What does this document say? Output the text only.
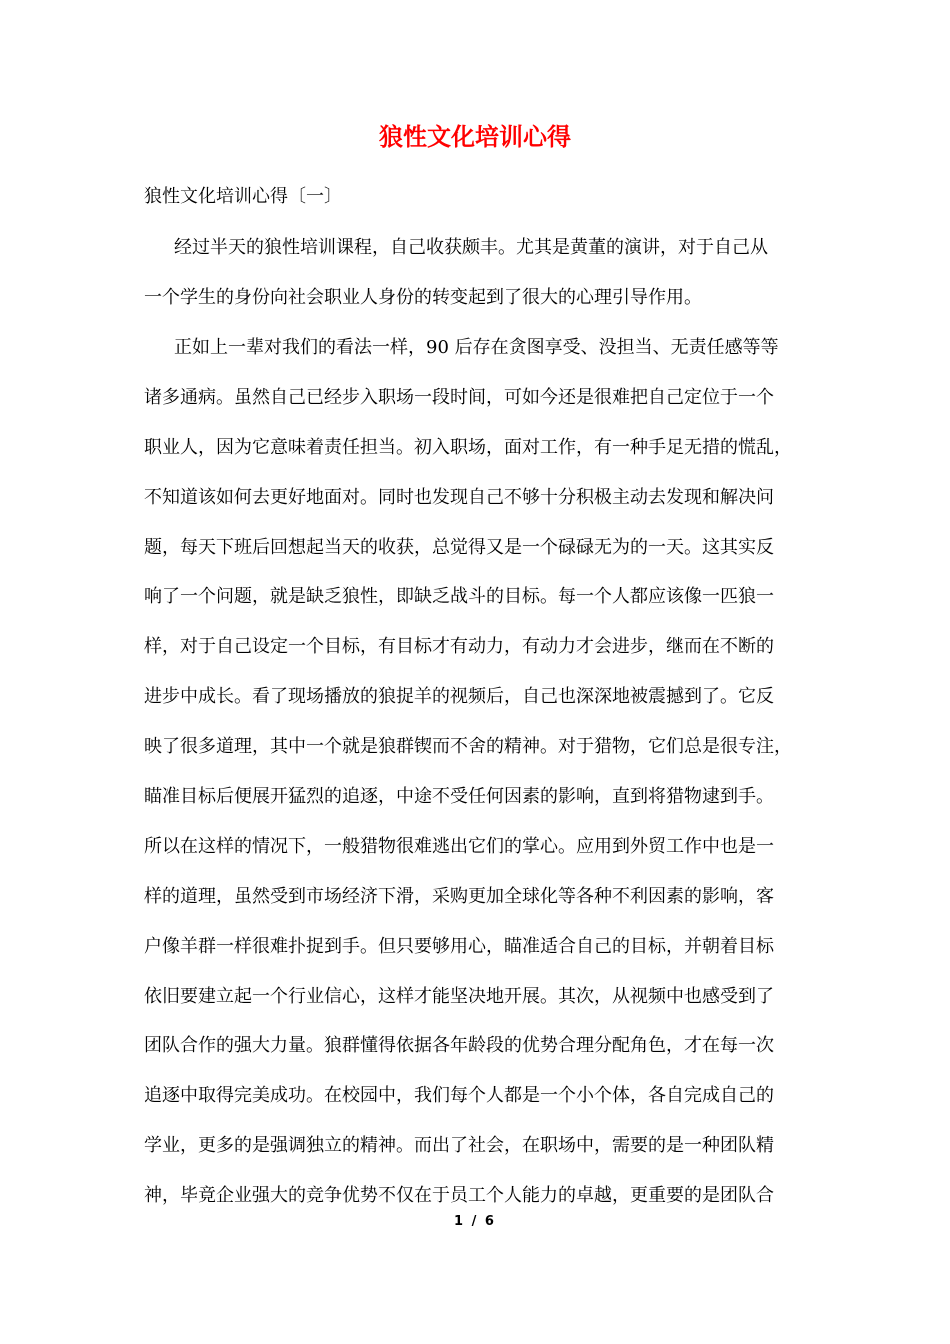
狼性文化培训心得

狼性文化培训心得〔一〕

经过半天的狼性培训课程，自己收获颇丰。尤其是黄董的演讲，对于自己从
一个学生的身份向社会职业人身份的转变起到了很大的心理引导作用。
正如上一辈对我们的看法一样，90 后存在贪图享受、没担当、无责任感等等
诸多通病。虽然自己已经步入职场一段时间，可如今还是很难把自己定位于一个
职业人，因为它意味着责任担当。初入职场，面对工作，有一种手足无措的慌乱，
不知道该如何去更好地面对。同时也发现自己不够十分积极主动去发现和解决问
题，每天下班后回想起当天的收获，总觉得又是一个碌碌无为的一天。这其实反
响了一个问题，就是缺乏狼性，即缺乏战斗的目标。每一个人都应该像一匹狼一
样，对于自己设定一个目标，有目标才有动力，有动力才会进步，继而在不断的
进步中成长。看了现场播放的狼捉羊的视频后，自己也深深地被震撼到了。它反
映了很多道理，其中一个就是狼群锲而不舍的精神。对于猎物，它们总是很专注，
瞄准目标后便展开猛烈的追逐，中途不受任何因素的影响，直到将猎物逮到手。
所以在这样的情况下，一般猎物很难逃出它们的掌心。应用到外贸工作中也是一
样的道理，虽然受到市场经济下滑，采购更加全球化等各种不利因素的影响，客
户像羊群一样很难扑捉到手。但只要够用心，瞄准适合自己的目标，并朝着目标
依旧要建立起一个行业信心，这样才能坚决地开展。其次，从视频中也感受到了
团队合作的强大力量。狼群懂得依据各年龄段的优势合理分配角色，才在每一次
追逐中取得完美成功。在校园中，我们每个人都是一个小个体，各自完成自己的
学业，更多的是强调独立的精神。而出了社会，在职场中，需要的是一种团队精
神，毕竟企业强大的竞争优势不仅在于员工个人能力的卓越，更重要的是团队合
1 / 6
